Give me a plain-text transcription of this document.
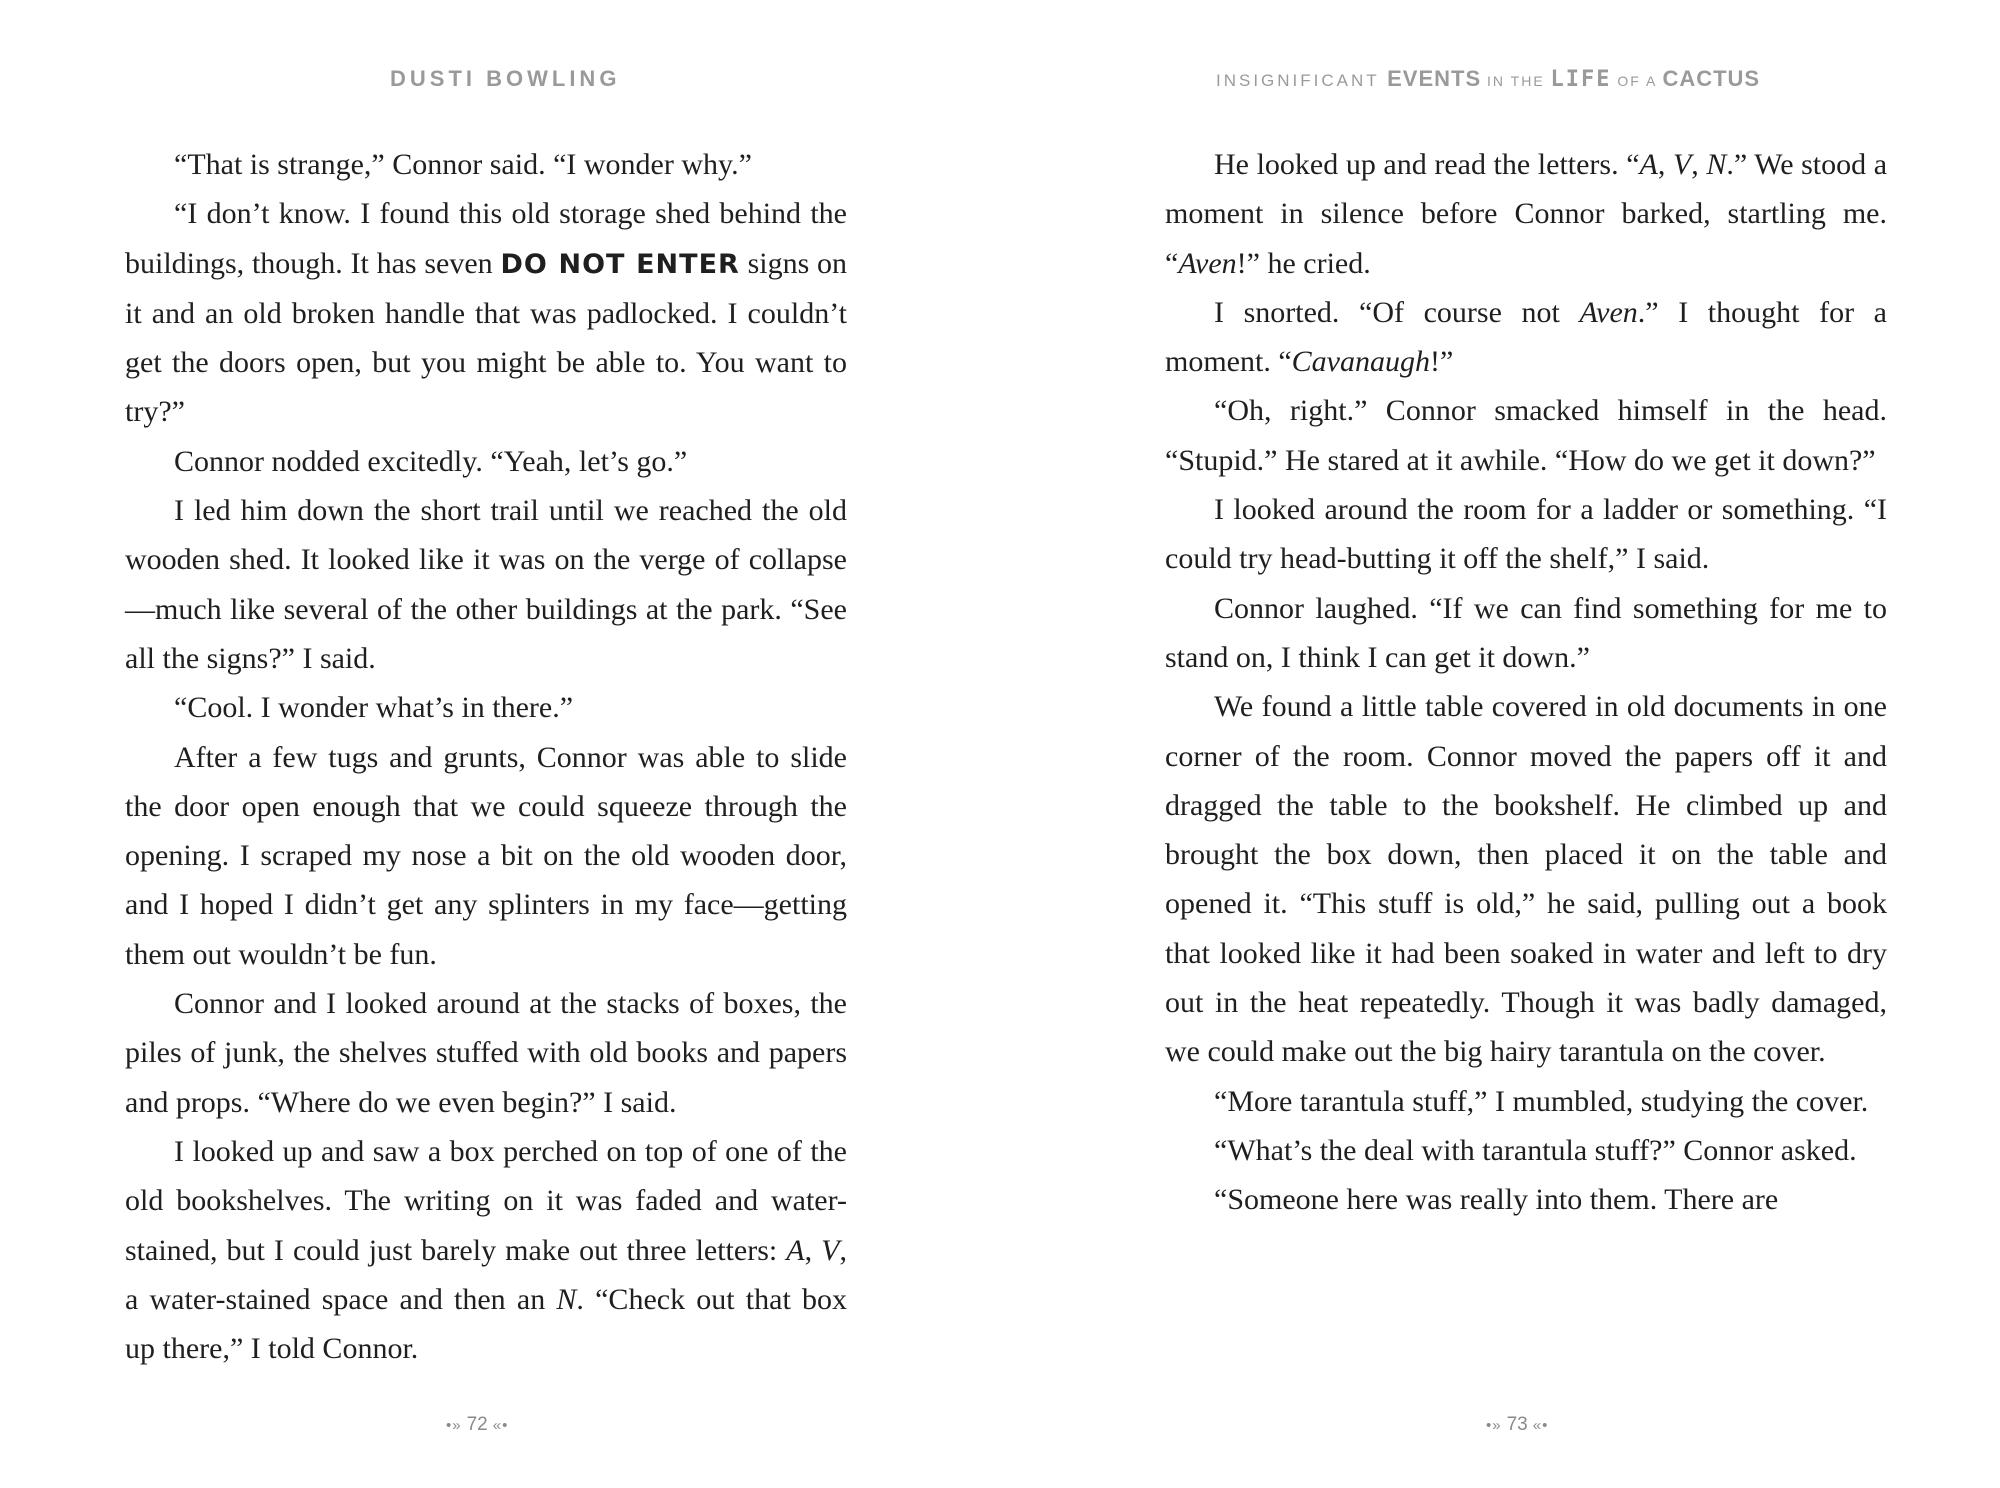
DUSTI BOWLING

“That is strange,” Connor said. “I wonder why.”

“I don’t know. I found this old storage shed behind the buildings, though. It has seven DO NOT ENTER signs on it and an old broken handle that was padlocked. I couldn’t get the doors open, but you might be able to. You want to try?”

Connor nodded excitedly. “Yeah, let’s go.”

I led him down the short trail until we reached the old wooden shed. It looked like it was on the verge of collapse—much like several of the other buildings at the park. “See all the signs?” I said.

“Cool. I wonder what’s in there.”

After a few tugs and grunts, Connor was able to slide the door open enough that we could squeeze through the opening. I scraped my nose a bit on the old wooden door, and I hoped I didn’t get any splinters in my face—getting them out wouldn’t be fun.

Connor and I looked around at the stacks of boxes, the piles of junk, the shelves stuffed with old books and papers and props. “Where do we even begin?” I said.

I looked up and saw a box perched on top of one of the old bookshelves. The writing on it was faded and water-stained, but I could just barely make out three letters: A, V, a water-stained space and then an N. “Check out that box up there,” I told Connor.

•» 72 «•
INSIGNIFICANT EVENTS IN THE LIFE OF A CACTUS

He looked up and read the letters. “A, V, N.” We stood a moment in silence before Connor barked, startling me. “Aven!” he cried.

I snorted. “Of course not Aven.” I thought for a moment. “Cavanaugh!”

“Oh, right.” Connor smacked himself in the head. “Stupid.” He stared at it awhile. “How do we get it down?”

I looked around the room for a ladder or something. “I could try head-butting it off the shelf,” I said.

Connor laughed. “If we can find something for me to stand on, I think I can get it down.”

We found a little table covered in old documents in one corner of the room. Connor moved the papers off it and dragged the table to the bookshelf. He climbed up and brought the box down, then placed it on the table and opened it. “This stuff is old,” he said, pulling out a book that looked like it had been soaked in water and left to dry out in the heat repeatedly. Though it was badly damaged, we could make out the big hairy tarantula on the cover.

“More tarantula stuff,” I mumbled, studying the cover.

“What’s the deal with tarantula stuff?” Connor asked.

“Someone here was really into them. There are

•» 73 «•
